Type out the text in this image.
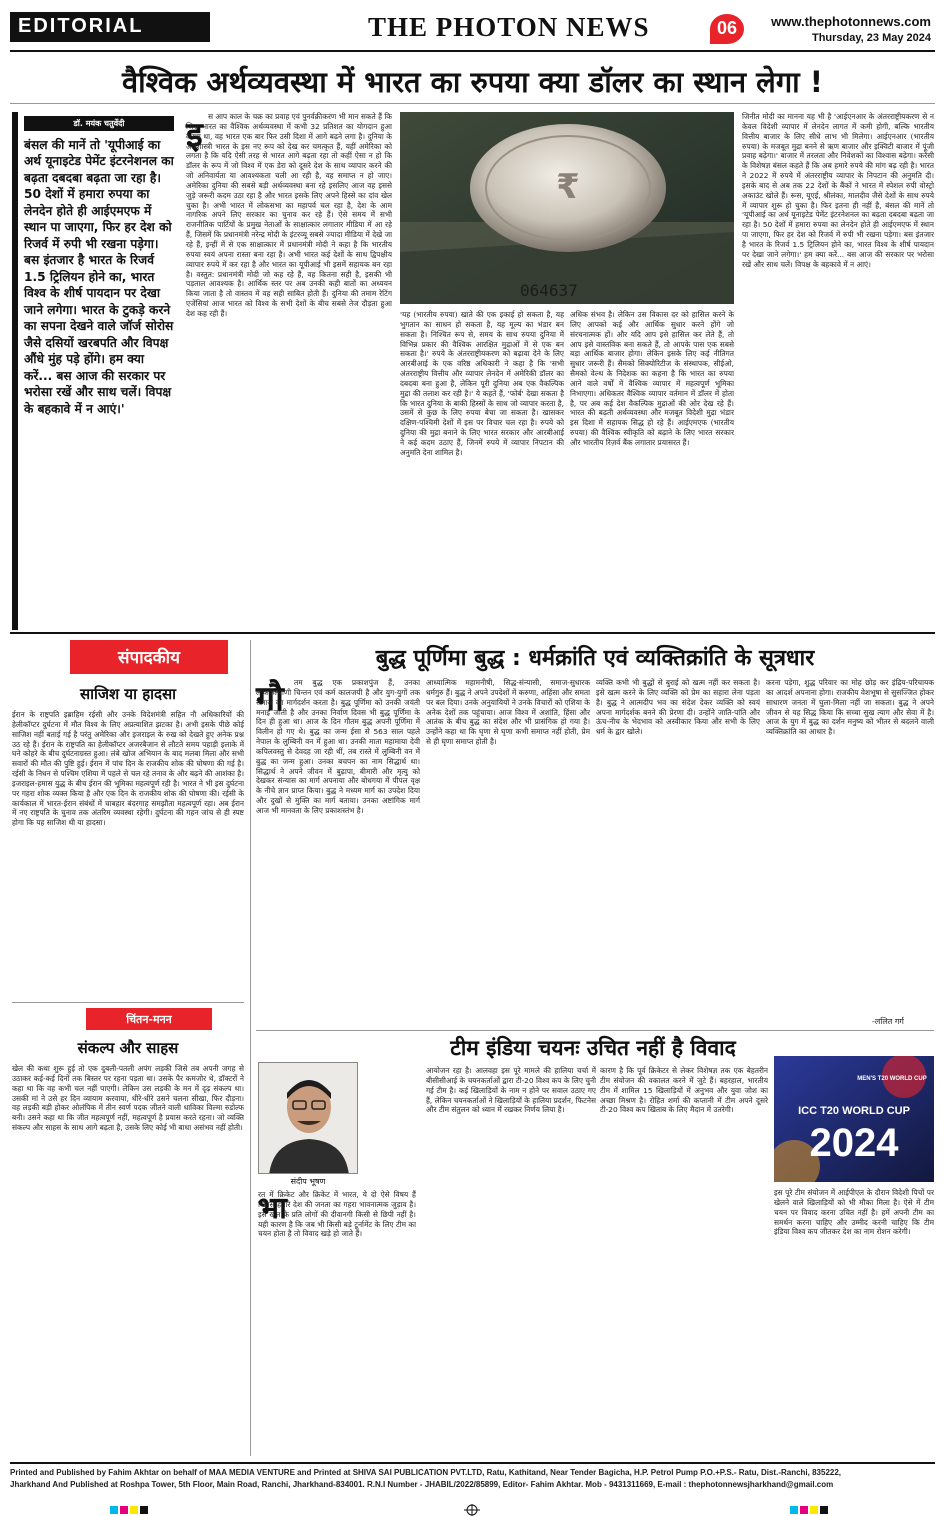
EDITORIAL	THE PHOTON NEWS	06	www.thephotonnews.com
Thursday, 23 May 2024
वैश्विक अर्थव्यवस्था में भारत का रुपया क्या डॉलर का स्थान लेगा !
डॉ. मयंक चतुर्वेदी
बंसल की मानें तो 'यूपीआई का अर्थ यूनाइटेड पेमेंट इंटरनेशनल का बढ़ता दबदबा बढ़ता जा रहा है। 50 देशों में हमारा रुपया का लेनदेन होते ही आईएमएफ में स्थान पा जाएगा, फिर हर देश को रिजर्व में रुपी भी रखना पड़ेगा। बस इंतजार है भारत के रिजर्व 1.5 ट्रिलियन होने का, भारत विश्व के शीर्ष पायदान पर देखा जाने लगेगा। भारत के टुकड़े करने का सपना देखने वाले जॉर्ज सोरोस जैसे दसियों खरबपति और विपक्ष औंधे मुंह पड़े होंगे। हम क्या करें... बस आज की सरकार पर भरोसा रखें और साथ चलें। विपक्ष के बहकावे में न आएं।'
इ स आप काल के चक्र का प्रवाह एवं पुनर्वक्रीकरण भी मान सकते हैं कि जिस भारत का वैश्विक अर्थव्यवस्था में कभी 32 प्रतिशत का योगदान हुआ करता था, वह भारत एक बार फिर उसी दिशा में आगे बढ़ने लगा है। दुनिया के अर्थशास्त्री भारत के इस नए रूप को देख कर चमत्कृत हैं, यहीं अमेरिका को लगता है कि यदि ऐसी तरह से भारत आगे बढ़ता रहा तो कहीं ऐसा न हो कि डॉलर के रूप में जो विश्व में एक डेरा को दूसरे देश के साथ व्यापार करने की जो अनिवार्यता या आवश्यकता चली आ रही है, वह समाप्त न हो जाए। अमेरिका दुनिया की सबसे बड़ी अर्थव्यवस्था बना रहे इसलिए आज वह इससे जुड़े जरूरी कदम उठा रहा है और भारत इसके लिए अपने हिस्से का दांव खेल चुका है। अभी भारत में लोकसभा का महापर्व चल रहा है, देश के आम नागरिक अपने लिए सरकार का चुनाव कर रहे हैं। ऐसे समय में सभी राजनीतिक पार्टियों के प्रमुख नेताओं के साक्षात्कार लगातार मीडिया में आ रहे हैं, जिसमें कि प्रधानमंत्री नरेन्द्र मोदी के इंटरव्यू सबसे ज्यादा मीडिया में देखे जा रहे हैं, इन्हीं में से एक साक्षात्कार में प्रधानमंत्री मोदी ने कहा है कि भारतीय रुपया स्वयं अपना रास्ता बना रहा है। अभी भारत कई देशों के साथ द्विपक्षीय व्यापार रुपये में कर रहा है और भारत का यूपीआई भी इसमें सहायक बन रहा है। वस्तुत: प्रधानमंत्री मोदी जो कह रहे हैं, वह कितना सही है, इसकी भी पड़ताल आवश्यक है। आर्थिक स्तर पर अब उनकी कही बातों का अध्ययन किया जाता है तो वास्तव में वह सही साबित होती हैं। दुनिया की तमाम रेटिंग एजेंसियां आज भारत को विश्व के सभी देशों के बीच सबसे तेज दौड़ता हुआ देश कह रही हैं।

₹
064637

'यह (भारतीय रुपया) खाते की एक इकाई हो सकता है, यह भुगतान का साधन हो सकता है, यह मूल्य का भंडार बन सकता है। निश्चित रूप से, समय के साथ रुपया दुनिया में विभिन्न प्रकार की वैश्विक आरक्षित मुद्राओं में से एक बन सकता है।' रुपये के अंतरराष्ट्रीयकरण को बढ़ावा देने के लिए आरबीआई के एक वरिष्ठ अधिकारी ने कहा है कि 'सभी अंतरराष्ट्रीय वित्तीय और व्यापार लेनदेन में अमेरिकी डॉलर का दबदबा बना हुआ है, लेकिन पूरी दुनिया अब एक वैकल्पिक मुद्रा की तलाश कर रही है।' ये कहते हैं, 'फोर्ब' देखा सकता है कि भारत दुनिया के बाकी हिस्सों के साथ जो व्यापार करता है, उसमें से कुछ के लिए रुपया बेचा जा सकता है। खासकर दक्षिण-पश्चिमी देशों में इस पर विचार चल रहा है। रुपये को दुनिया की मुद्रा बनाने के लिए भारत सरकार और आरबीआई ने कई कदम उठाए हैं, जिनमें रुपये में व्यापार निपटान की अनुमति देना शामिल है।

अधिक संभव है। लेकिन उस विकास दर को हासिल करने के लिए आपको कई और आर्थिक सुधार करने होंगे जो संरचनात्मक हों। और यदि आप इसे हासिल कर लेते हैं, तो आप इसे वास्तविक बना सकते हैं, तो आपके पास एक सबसे बड़ा आर्थिक बाजार होगा। लेकिन इसके लिए कई नीतिगत सुधार जरूरी हैं। सैमको सिक्योरिटीज के संस्थापक, सीईओ, सैमको वेल्थ के निदेशक का कहना है कि भारत का रुपया आने वाले वर्षों में वैश्विक व्यापार में महत्वपूर्ण भूमिका निभाएगा। अधिकतर वैश्विक व्यापार वर्तमान में डॉलर में होता है, पर अब कई देश वैकल्पिक मुद्राओं की ओर देख रहे हैं। भारत की बढ़ती अर्थव्यवस्था और मजबूत विदेशी मुद्रा भंडार इस दिशा में सहायक सिद्ध हो रहे हैं। आईएमएफ (भारतीय रुपया) की वैश्विक स्वीकृति को बढ़ाने के लिए भारत सरकार और भारतीय रिज़र्व बैंक लगातार प्रयासरत हैं।

जिनीत मोदी का मानना यह भी है 'आईएनआर के अंतरराष्ट्रीयकरण से न केवल विदेशी व्यापार में लेनदेन लागत में कमी होगी, बल्कि भारतीय वित्तीय बाजार के लिए सीधे लाभ भी मिलेगा। आईएनआर (भारतीय रुपया) के मजबूत मुद्रा बनने से ऋण बाजार और इक्विटी बाजार में पूंजी प्रवाह बढ़ेगा।' बाजार में तरलता और निवेशकों का विश्वास बढ़ेगा। करेंसी के विशेषज्ञ बंसल कहते हैं कि अब हमारे रुपये की मांग बढ़ रही है। भारत ने 2022 में रुपये में अंतरराष्ट्रीय व्यापार के निपटान की अनुमति दी। इसके बाद से अब तक 22 देशों के बैंकों ने भारत में स्पेशल रुपी वोस्ट्रो अकाउंट खोले हैं। रूस, यूएई, श्रीलंका, मालदीव जैसे देशों के साथ रुपये में व्यापार शुरू हो चुका है। फिर इतना ही नहीं है, बंसल की मानें तो 'यूपीआई का अर्थ यूनाइटेड पेमेंट इंटरनेशनल का बढ़ता दबदबा बढ़ता जा रहा है। 50 देशों में हमारा रुपया का लेनदेन होते ही आईएमएफ में स्थान पा जाएगा, फिर हर देश को रिजर्व में रुपी भी रखना पड़ेगा। बस इंतजार है भारत के रिजर्व 1.5 ट्रिलियन होने का, भारत विश्व के शीर्ष पायदान पर देखा जाने लगेगा।' हम क्या करें... बस आज की सरकार पर भरोसा रखें और साथ चलें। विपक्ष के बहकावे में न आएं।

संपादकीय
साजिश या हादसा

ईरान के राष्ट्रपति इब्राहिम रईसी और उनके विदेशमंत्री सहित नौ अधिकारियों की हेलीकॉप्टर दुर्घटना में मौत विश्व के लिए अप्रत्याशित झटका है। अभी इसके पीछे कोई साजिश नहीं बताई गई है परंतु अमेरिका और इजराइल के रुख को देखते हुए अनेक प्रश्न उठ रहे हैं। ईरान के राष्ट्रपति का हेलीकॉप्टर अजरबैजान से लौटते समय पहाड़ी इलाके में घने कोहरे के बीच दुर्घटनाग्रस्त हुआ। लंबे खोज अभियान के बाद मलबा मिला और सभी सवारों की मौत की पुष्टि हुई। ईरान में पांच दिन के राजकीय शोक की घोषणा की गई है। रईसी के निधन से पश्चिम एशिया में पहले से चल रहे तनाव के और बढ़ने की आशंका है। इजराइल-हमास युद्ध के बीच ईरान की भूमिका महत्वपूर्ण रही है। भारत ने भी इस दुर्घटना पर गहरा शोक व्यक्त किया है और एक दिन के राजकीय शोक की घोषणा की। रईसी के कार्यकाल में भारत-ईरान संबंधों में चाबहार बंदरगाह समझौता महत्वपूर्ण रहा। अब ईरान में नए राष्ट्रपति के चुनाव तक अंतरिम व्यवस्था रहेगी। दुर्घटना की गहन जांच से ही स्पष्ट होगा कि यह साजिश थी या हादसा।

चिंतन-मनन
संकल्प और साहस

खेल की कथा शुरू हुई तो एक दुबली-पतली अपंग लड़की जिसे तब अपनी जगह से उठाकर कई-कई दिनों तक बिस्तर पर रहना पड़ता था। उसके पैर कमजोर थे, डॉक्टरों ने कहा था कि वह कभी चल नहीं पाएगी। लेकिन उस लड़की के मन में दृढ़ संकल्प था। उसकी मां ने उसे हर दिन व्यायाम करवाया, धीरे-धीरे उसने चलना सीखा, फिर दौड़ना। वह लड़की बड़ी होकर ओलंपिक में तीन स्वर्ण पदक जीतने वाली धाविका विल्मा रुडोल्फ बनी। उसने कहा था कि जीत महत्वपूर्ण नहीं, महत्वपूर्ण है प्रयास करते रहना। जो व्यक्ति संकल्प और साहस के साथ आगे बढ़ता है, उसके लिए कोई भी बाधा असंभव नहीं होती।

बुद्ध पूर्णिमा बुद्ध : धर्मक्रांति एवं व्यक्तिक्रांति के सूत्रधार
गौ	तम बुद्ध एक प्रकाशपुंज हैं, उनका लोककल्याणी चिन्तन एवं कर्म कालजयी है और युग-युगों तक समाज का मार्गदर्शन करता है। बुद्ध पूर्णिमा को उनकी जयंती मनाई जाती है और उनका निर्वाण दिवस भी बुद्ध पूर्णिमा के दिन ही हुआ था। आज के दिन गौतम बुद्ध अपनी पूर्णिमा में विलीन हो गए थे। बुद्ध का जन्म ईसा से 563 साल पहले नेपाल के लुम्बिनी वन में हुआ था। उनकी माता महामाया देवी कपिलवस्तु से देवदह जा रही थीं, तब रास्ते में लुम्बिनी वन में बुद्ध का जन्म हुआ। उनका बचपन का नाम सिद्धार्थ था। सिद्धार्थ ने अपने जीवन में बुढ़ापा, बीमारी और मृत्यु को देखकर संन्यास का मार्ग अपनाया और बोधगया में पीपल वृक्ष के नीचे ज्ञान प्राप्त किया। बुद्ध ने मध्यम मार्ग का उपदेश दिया और दुखों से मुक्ति का मार्ग बताया। उनका अष्टांगिक मार्ग आज भी मानवता के लिए प्रकाशस्तंभ है।

आध्यात्मिक महामनीषी, सिद्ध-संन्यासी, समाज-सुधारक धर्मगुरु हैं। बुद्ध ने अपने उपदेशों में करुणा, अहिंसा और समता पर बल दिया। उनके अनुयायियों ने उनके विचारों को एशिया के अनेक देशों तक पहुंचाया। आज विश्व में अशांति, हिंसा और आतंक के बीच बुद्ध का संदेश और भी प्रासंगिक हो गया है। उन्होंने कहा था कि घृणा से घृणा कभी समाप्त नहीं होती, प्रेम से ही घृणा समाप्त होती है।

व्यक्ति कभी भी बुद्धों से बुराई को खत्म नहीं कर सकता है। इसे खत्म करने के लिए व्यक्ति को प्रेम का सहारा लेना पड़ता है। बुद्ध ने आत्मदीप भव का संदेश देकर व्यक्ति को स्वयं अपना मार्गदर्शक बनने की प्रेरणा दी। उन्होंने जाति-पांति और ऊंच-नीच के भेदभाव को अस्वीकार किया और सभी के लिए धर्म के द्वार खोले।

करना पड़ेगा, शुद्ध परिवार का मोह छोड़ कर इंद्रिय-परिचायक का आदर्श अपनाना होगा। राजकीय वेशभूषा से सुसज्जित होकर साधारण जनता में घुला-मिला नहीं जा सकता। बुद्ध ने अपने जीवन से यह सिद्ध किया कि सच्चा सुख त्याग और सेवा में है। आज के युग में बुद्ध का दर्शन मनुष्य को भीतर से बदलने वाली व्यक्तिक्रांति का आधार है।

-ललित गर्ग
टीम इंडिया चयनः उचित नहीं है विवाद
संदीप भूषण

रत में क्रिकेट और क्रिकेट में भारत, ये दो ऐसे विषय हैं जिनसे हमारे देश की जनता का गहरा भावनात्मक जुड़ाव है। इस खेल के प्रति लोगों की दीवानगी किसी से छिपी नहीं है। यही कारण है कि जब भी किसी बड़े टूर्नामेंट के लिए टीम का चयन होता है तो विवाद खड़े हो जाते हैं।

भा

आयोजन रहा है। आलवहा इस पूरे मामले की हालिया चर्चा में बीसीसीआई के चयनकर्ताओं द्वारा टी-20 विश्व कप के लिए चुनी गई टीम है। कई खिलाड़ियों के नाम न होने पर सवाल उठाए गए हैं, लेकिन चयनकर्ताओं ने खिलाड़ियों के हालिया प्रदर्शन, फिटनेस और टीम संतुलन को ध्यान में रखकर निर्णय लिया है।

कारण है कि पूर्व क्रिकेटर से लेकर विशेषज्ञ तक एक बेहतरीन टीम संयोजन की वकालत करने में जुटे हैं। बहरहाल, भारतीय टीम में शामिल 15 खिलाड़ियों में अनुभव और युवा जोश का अच्छा मिश्रण है। रोहित शर्मा की कप्तानी में टीम अपने दूसरे टी-20 विश्व कप खिताब के लिए मैदान में उतरेगी।

MEN'S T20 WORLD CUP
ICC T20 WORLD CUP
2024

इस पूरे टीम संयोजन में आईपीएल के दौरान विदेशी पिचों पर खेलने वाले खिलाड़ियों को भी मौका मिला है। ऐसे में टीम चयन पर विवाद करना उचित नहीं है। हमें अपनी टीम का समर्थन करना चाहिए और उम्मीद करनी चाहिए कि टीम इंडिया विश्व कप जीतकर देश का नाम रोशन करेगी।

Printed and Published by Fahim Akhtar on behalf of MAA MEDIA VENTURE and Printed at SHIVA SAI PUBLICATION PVT.LTD, Ratu, Kathitand, Near Tender Bagicha, H.P. Petrol Pump P.O.+P.S.- Ratu, Dist.-Ranchi, 835222,
Jharkhand And Published at Roshpa Tower, 5th Floor, Main Road, Ranchi, Jharkhand-834001. R.N.I Number - JHABIL/2022/85899, Editor- Fahim Akhtar. Mob - 9431311669, E-mail : thephotonnewsjharkhand@gmail.com
